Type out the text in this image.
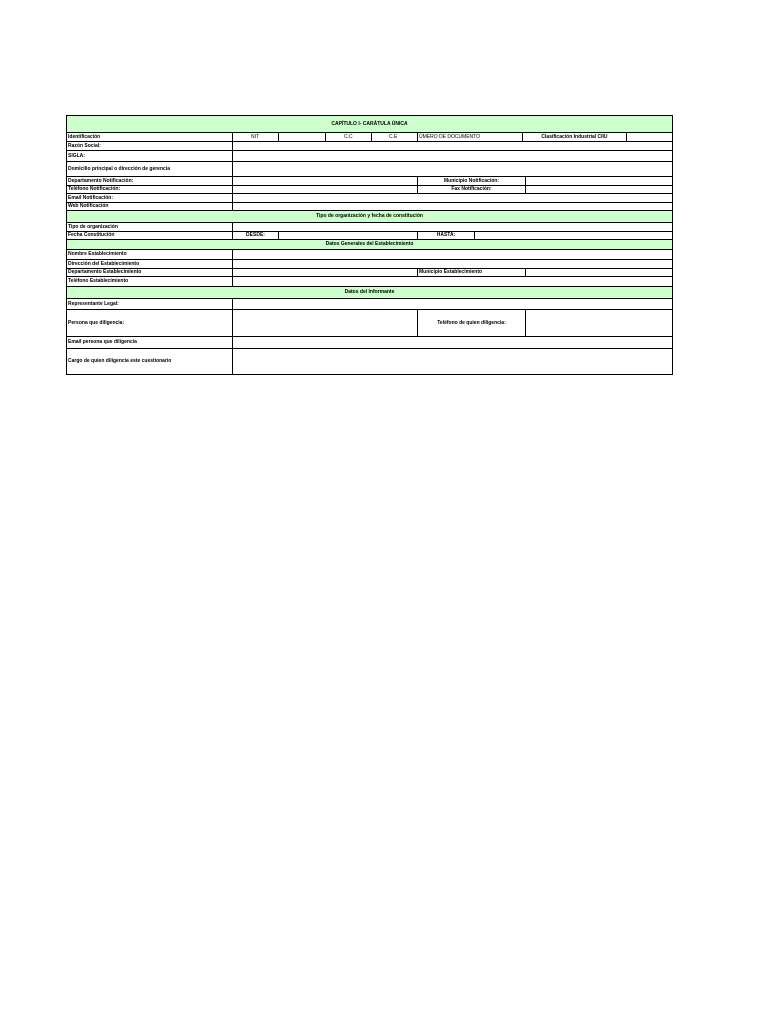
CAPÍTULO I- CARÁTULA ÚNICA
Identificación	NIT	C.C	C.E	ÚMERO DE DOCUMENTO	Clasificación Industrial CIIU
Razón Social:
SIGLA:
Domicilio principal o dirección de gerencia
Departamento Notificación:	Municipio Notificación:
Teléfono Notificación:	Fax Notificación:
Email Notificación:
Web Notificación
Tipo de organización y fecha de constitución
Tipo de organización
Fecha Constitución	DESDE:	HASTA:
Datos Generales del Establecimiento
Nombre Establecimiento
Dirección del Establecimiento
Departamento Establecimiento	Municipio Establecimiento
Teléfono Establecimiento
Datos del Informante
Representante Legal:
Persona que diligencia:	Teléfono de quien diligencia:
Email persona que diligencia
Cargo de quien diligencia este cuestionario
